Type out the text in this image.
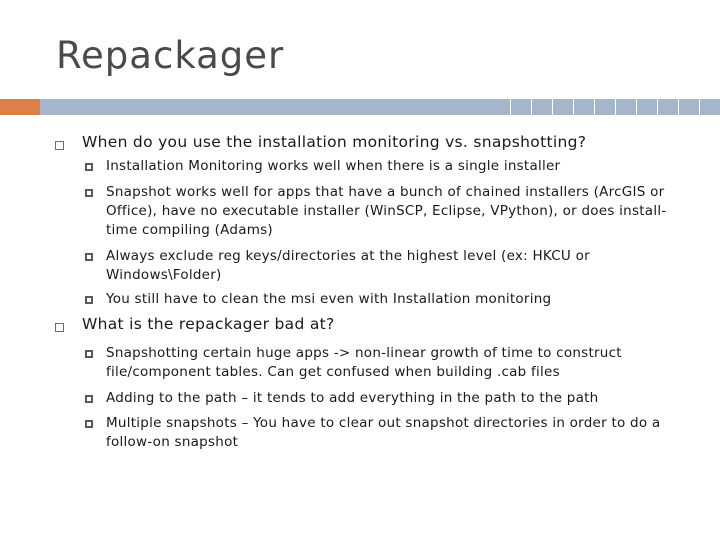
Repackager
When do you use the installation monitoring vs. snapshotting?
Installation Monitoring works well when there is a single installer
Snapshot works well for apps that have a bunch of chained installers (ArcGIS or
Office), have no executable installer (WinSCP, Eclipse, VPython), or does install-
time compiling (Adams)
Always exclude reg keys/directories at the highest level (ex: HKCU or
Windows\Folder)
You still have to clean the msi even with Installation monitoring
What is the repackager bad at?
Snapshotting certain huge apps -> non-linear growth of time to construct
file/component tables. Can get confused when building .cab files
Adding to the path – it tends to add everything in the path to the path
Multiple snapshots – You have to clear out snapshot directories in order to do a
follow-on snapshot
